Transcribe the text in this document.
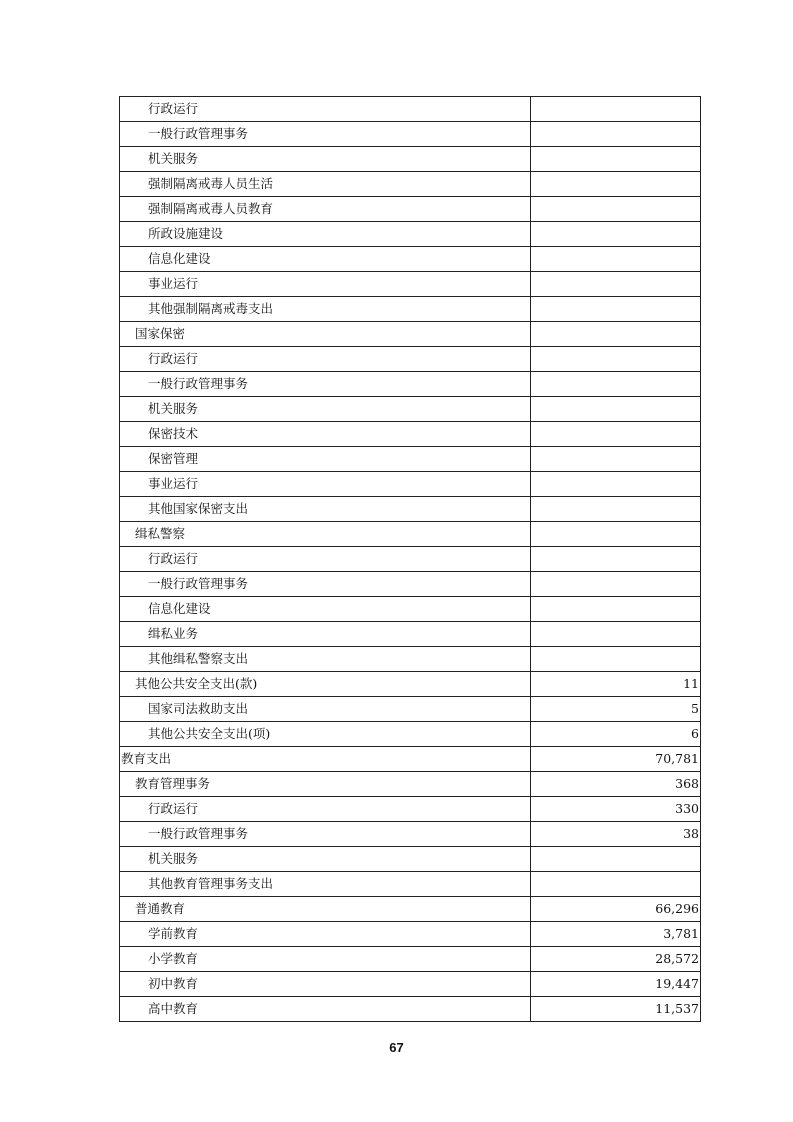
行政运行	
一般行政管理事务	
机关服务	
强制隔离戒毒人员生活	
强制隔离戒毒人员教育	
所政设施建设	
信息化建设	
事业运行	
其他强制隔离戒毒支出	
国家保密	
行政运行	
一般行政管理事务	
机关服务	
保密技术	
保密管理	
事业运行	
其他国家保密支出	
缉私警察	
行政运行	
一般行政管理事务	
信息化建设	
缉私业务	
其他缉私警察支出	
其他公共安全支出(款)	11
国家司法救助支出	5
其他公共安全支出(项)	6
教育支出	70,781
教育管理事务	368
行政运行	330
一般行政管理事务	38
机关服务	
其他教育管理事务支出	
普通教育	66,296
学前教育	3,781
小学教育	28,572
初中教育	19,447
高中教育	11,537
67
